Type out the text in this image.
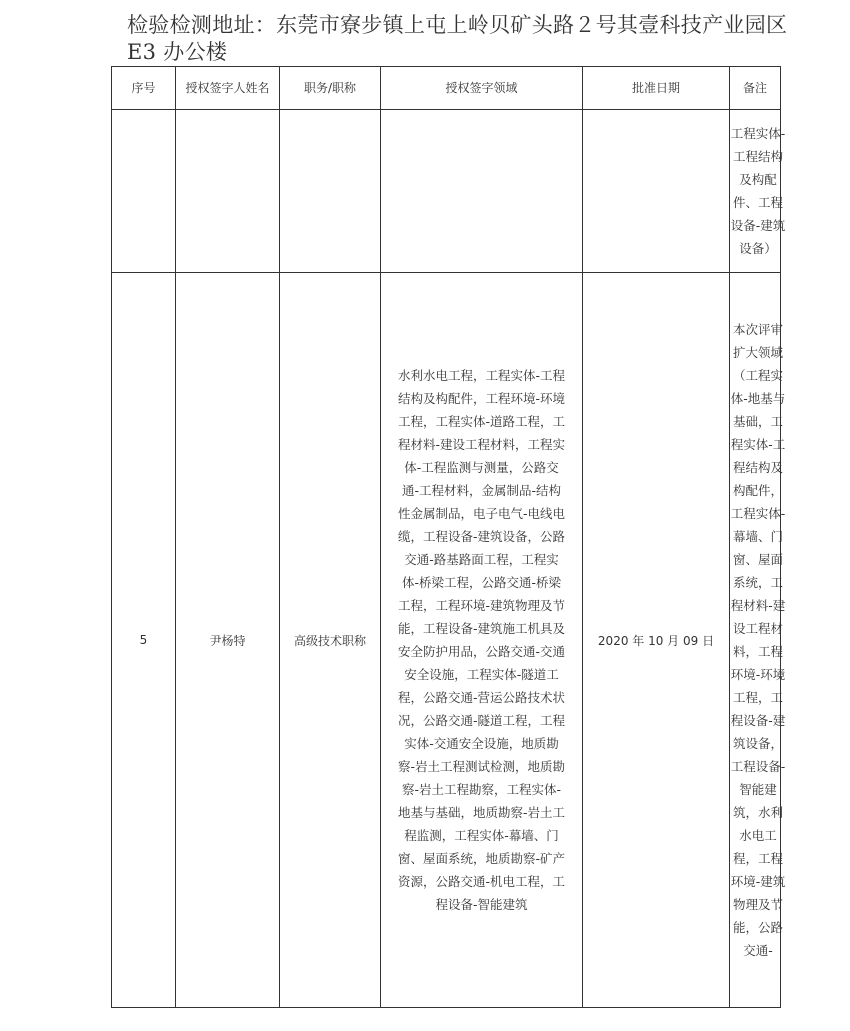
检验检测地址：东莞市寮步镇上屯上岭贝矿头路２号其壹科技产业园区 E3 办公楼
序号	授权签字人姓名	职务/职称	授权签字领域	批准日期	备注

					工程实体-工程结构及构配件、工程设备-建筑设备）

5	尹杨特	高级技术职称	水利水电工程，工程实体-工程结构及构配件，工程环境-环境工程，工程实体-道路工程，工程材料-建设工程材料，工程实体-工程监测与测量，公路交通-工程材料，金属制品-结构性金属制品，电子电气-电线电缆，工程设备-建筑设备，公路交通-路基路面工程，工程实体-桥梁工程，公路交通-桥梁工程，工程环境-建筑物理及节能，工程设备-建筑施工机具及安全防护用品，公路交通-交通安全设施，工程实体-隧道工程，公路交通-营运公路技术状况，公路交通-隧道工程，工程实体-交通安全设施，地质勘察-岩土工程测试检测，地质勘察-岩土工程勘察，工程实体-地基与基础，地质勘察-岩土工程监测，工程实体-幕墙、门窗、屋面系统，地质勘察-矿产资源，公路交通-机电工程，工程设备-智能建筑	2020 年 10 月 09 日	本次评审扩大领域（工程实体-地基与基础，工程实体-工程结构及构配件，工程实体-幕墙、门窗、屋面系统，工程材料-建设工程材料，工程环境-环境工程，工程设备-建筑设备，工程设备-智能建筑，水利水电工程，工程环境-建筑物理及节能，公路交通-
